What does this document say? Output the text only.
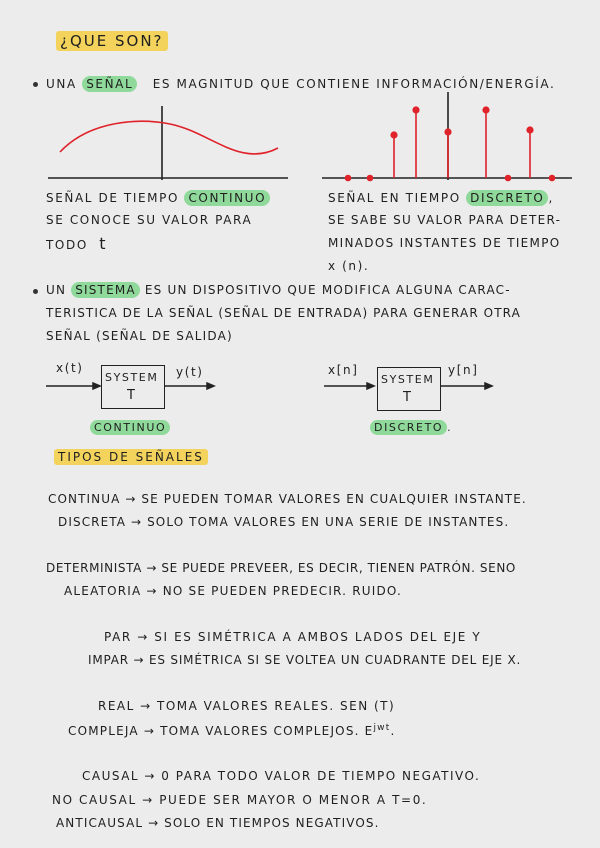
¿QUE SON?
UNA SEÑAL ES MAGNITUD QUE CONTIENE INFORMACIÓN/ENERGÍA.
SEÑAL DE TIEMPO CONTINUO
SE CONOCE SU VALOR PARA
TODO t
SEÑAL EN TIEMPO DISCRETO ,
SE SABE SU VALOR PARA DETER-
MINADOS INSTANTES DE TIEMPO
x (n).
UN SISTEMA ES UN DISPOSITIVO QUE MODIFICA ALGUNA CARAC-
TERISTICA DE LA SEÑAL (SEÑAL DE ENTRADA) PARA GENERAR OTRA
SEÑAL (SEÑAL DE SALIDA)
x(t)
SYSTEM
T
y(t)
CONTINUO
x[n]
SYSTEM
T
y[n]
DISCRETO .
TIPOS DE SEÑALES
CONTINUA → SE PUEDEN TOMAR VALORES EN CUALQUIER INSTANTE.
DISCRETA → SOLO TOMA VALORES EN UNA SERIE DE INSTANTES.
DETERMINISTA → SE PUEDE PREVЕER, ES DECIR, TIENEN PATRÓN. SENO
ALEATORIA → NO SE PUEDEN PREDECIR. RUIDO.
PAR → SI ES SIMÉTRICA A AMBOS LADOS DEL EJE Y
IMPAR → ES SIMÉTRICA SI SE VOLTEA UN CUADRANTE DEL EJE X.
REAL → TOMA VALORES REALES. SEN (T)
COMPLEJA → TOMA VALORES COMPLEJOS. $E^{jwt}$.
CAUSAL → 0 PARA TODO VALOR DE TIEMPO NEGATIVO.
NO CAUSAL → PUEDE SER MAYOR O MENOR A T=0.
ANTICAUSAL → SOLO EN TIEMPOS NEGATIVOS.
